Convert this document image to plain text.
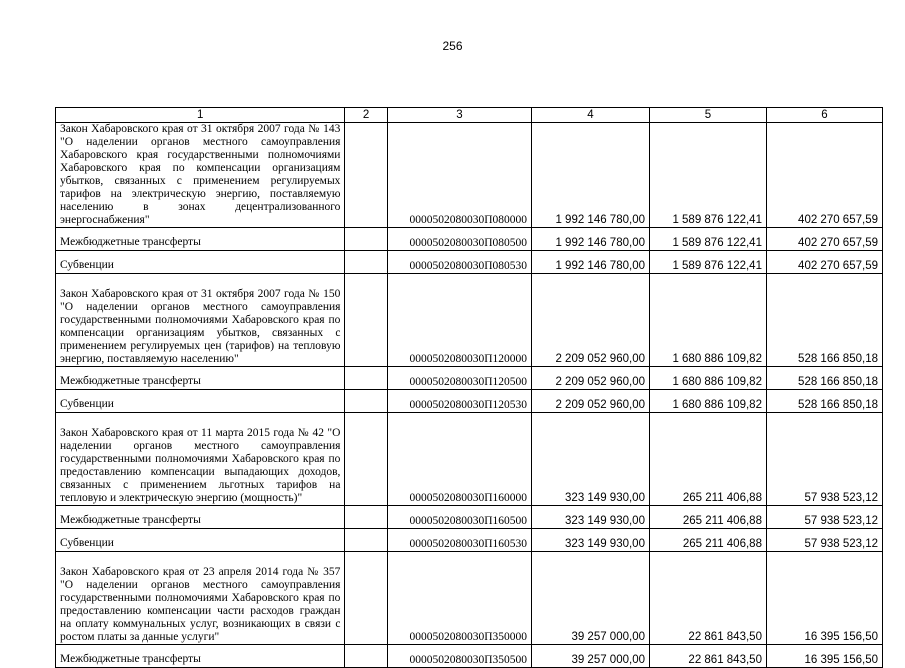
256
1	2	3	4	5	6
Закон Хабаровского края от 31 октября 2007 года № 143 "О наделении органов местного самоуправления Хабаровского края государственными полномочиями Хабаровского края по компенсации организациям убытков, связанных с применением регулируемых тарифов на электрическую энергию, поставляемую населению в зонах децентрализованного энергоснабжения"		0000502080030П080000	1 992 146 780,00	1 589 876 122,41	402 270 657,59
Межбюджетные трансферты		0000502080030П080500	1 992 146 780,00	1 589 876 122,41	402 270 657,59
Субвенции		0000502080030П080530	1 992 146 780,00	1 589 876 122,41	402 270 657,59
Закон Хабаровского края от 31 октября 2007 года № 150 "О наделении органов местного самоуправления государственными полномочиями Хабаровского края по компенсации организациям убытков, связанных с применением регулируемых цен (тарифов) на тепловую энергию, поставляемую населению"		0000502080030П120000	2 209 052 960,00	1 680 886 109,82	528 166 850,18
Межбюджетные трансферты		0000502080030П120500	2 209 052 960,00	1 680 886 109,82	528 166 850,18
Субвенции		0000502080030П120530	2 209 052 960,00	1 680 886 109,82	528 166 850,18
Закон Хабаровского края от 11 марта 2015 года № 42 "О наделении органов местного самоуправления государственными полномочиями Хабаровского края по предоставлению компенсации выпадающих доходов, связанных с применением льготных тарифов на тепловую и электрическую энергию (мощность)"		0000502080030П160000	323 149 930,00	265 211 406,88	57 938 523,12
Межбюджетные трансферты		0000502080030П160500	323 149 930,00	265 211 406,88	57 938 523,12
Субвенции		0000502080030П160530	323 149 930,00	265 211 406,88	57 938 523,12
Закон Хабаровского края от 23 апреля 2014 года № 357 "О наделении органов местного самоуправления государственными полномочиями Хабаровского края по предоставлению компенсации части расходов граждан на оплату коммунальных услуг, возникающих в связи с ростом платы за данные услуги"		0000502080030П350000	39 257 000,00	22 861 843,50	16 395 156,50
Межбюджетные трансферты		0000502080030П350500	39 257 000,00	22 861 843,50	16 395 156,50
